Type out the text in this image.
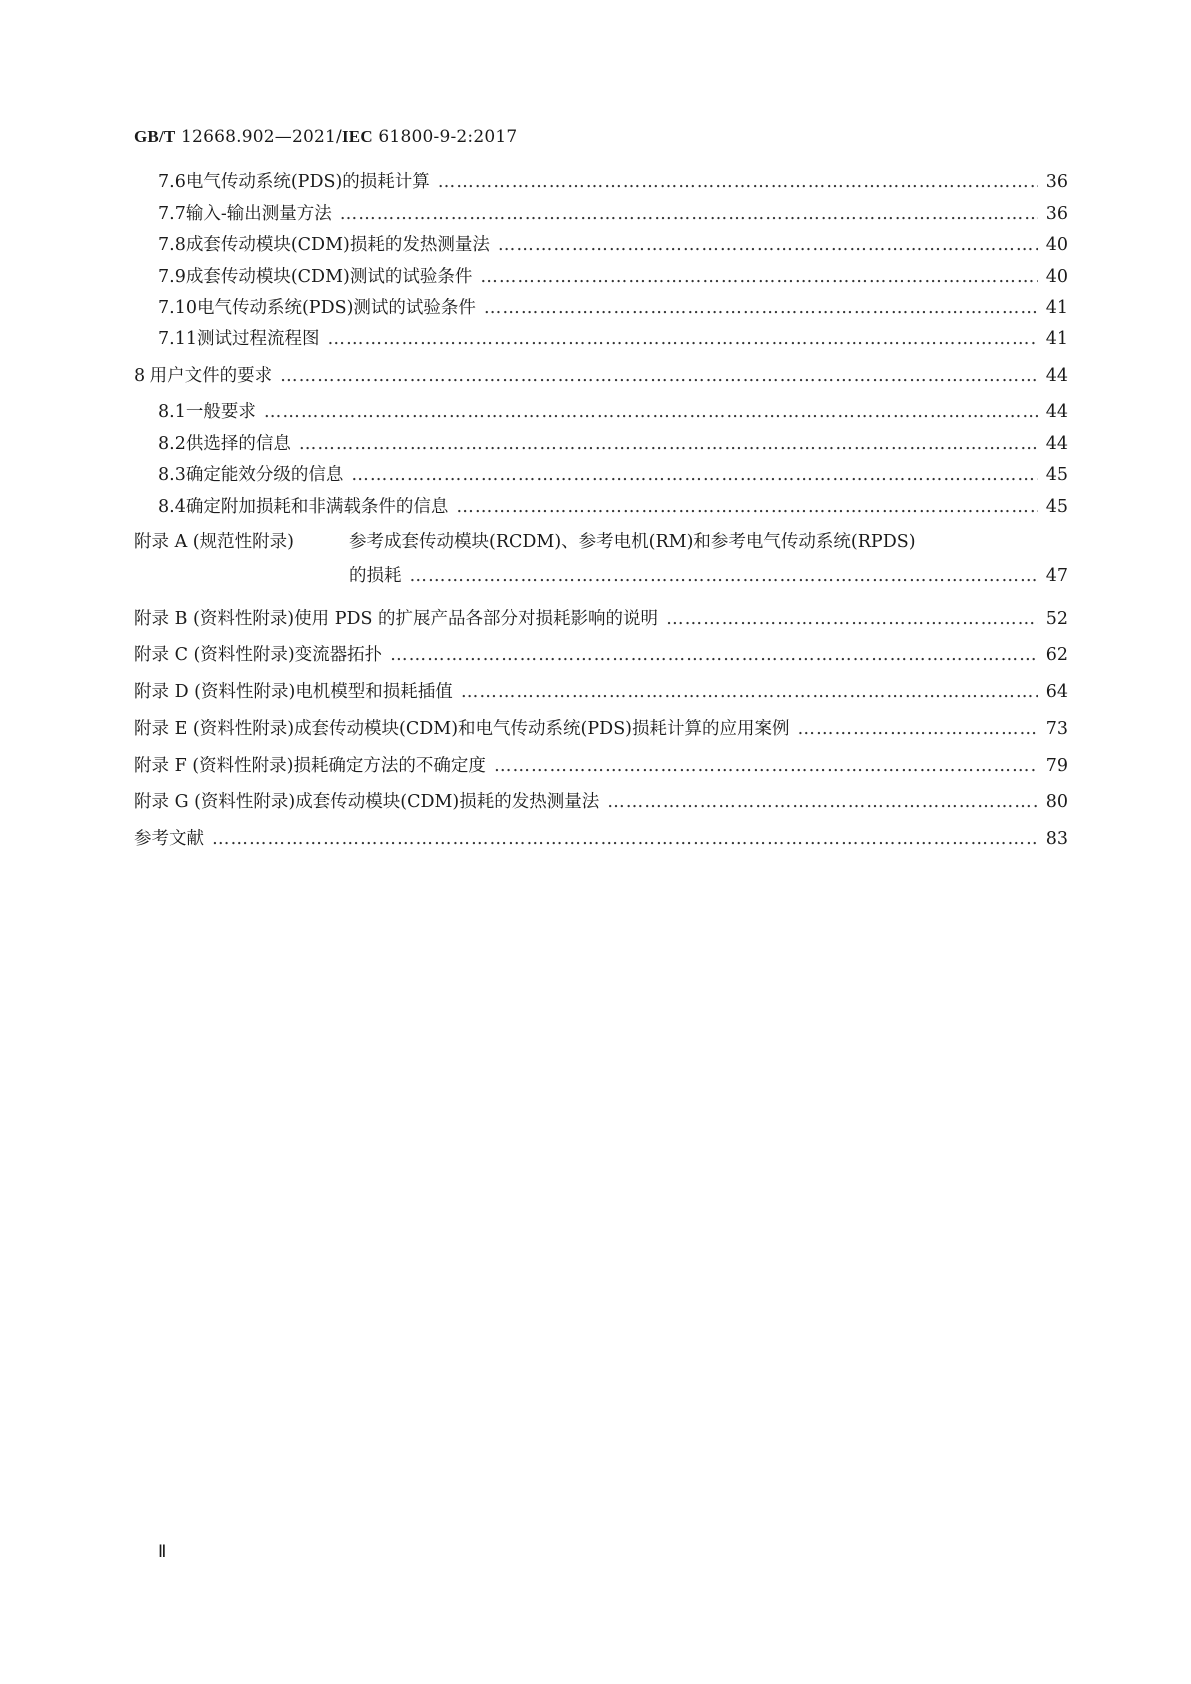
GB/T 12668.902—2021/IEC 61800-9-2:2017
7.6 电气传动系统(PDS)的损耗计算 ……………………………………………………………………………………………………………………………………………………………………………………	36
7.7 输入-输出测量方法 ……………………………………………………………………………………………………………………………………………………………………………………	36
7.8 成套传动模块(CDM)损耗的发热测量法 ……………………………………………………………………………………………………………………………………………………………………………………	40
7.9 成套传动模块(CDM)测试的试验条件 ……………………………………………………………………………………………………………………………………………………………………………………	40
7.10 电气传动系统(PDS)测试的试验条件 ……………………………………………………………………………………………………………………………………………………………………………………	41
7.11 测试过程流程图 ……………………………………………………………………………………………………………………………………………………………………………………	41
8 用户文件的要求 ……………………………………………………………………………………………………………………………………………………………………………………	44
8.1 一般要求 ……………………………………………………………………………………………………………………………………………………………………………………	44
8.2 供选择的信息 ……………………………………………………………………………………………………………………………………………………………………………………	44
8.3 确定能效分级的信息 ……………………………………………………………………………………………………………………………………………………………………………………	45
8.4 确定附加损耗和非满载条件的信息 ……………………………………………………………………………………………………………………………………………………………………………………	45
附录 A (规范性附录)	参考成套传动模块(RCDM)、参考电机(RM)和参考电气传动系统(RPDS)
的损耗 ……………………………………………………………………………………………………………………………………………………………………………………	47
附录 B (资料性附录) 使用 PDS 的扩展产品各部分对损耗影响的说明 ……………………………………………………………………………………………………………………………………………………………………………………	52
附录 C (资料性附录) 变流器拓扑 ……………………………………………………………………………………………………………………………………………………………………………………	62
附录 D (资料性附录) 电机模型和损耗插值 ……………………………………………………………………………………………………………………………………………………………………………………	64
附录 E (资料性附录) 成套传动模块(CDM)和电气传动系统(PDS)损耗计算的应用案例 ……………………………………………………………………………………………………………………………………………………………………………………	73
附录 F (资料性附录) 损耗确定方法的不确定度 ……………………………………………………………………………………………………………………………………………………………………………………	79
附录 G (资料性附录) 成套传动模块(CDM)损耗的发热测量法 ……………………………………………………………………………………………………………………………………………………………………………………	80
参考文献 ……………………………………………………………………………………………………………………………………………………………………………………	83
Ⅱ
